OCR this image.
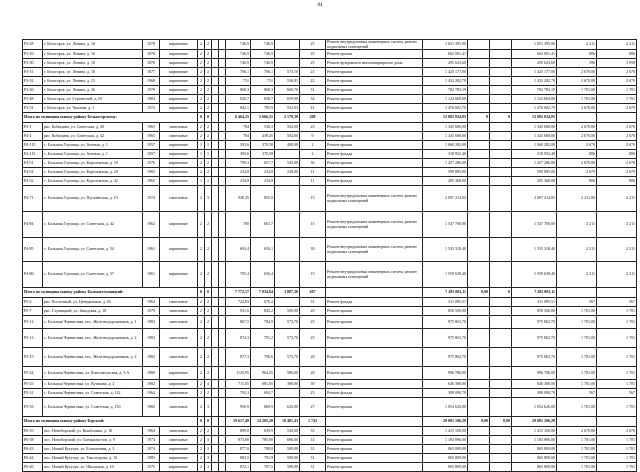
84
Р3-28	г. Белогорск, ул. Ленина, д. 16	1878	кирпичные	2	2			746,9	746,9		25	Ремонт внутридомовых инженерных систем, ремонт подвальных помещений	1 651 395,90			1 651 395,90	2 211	2 211
Р3-29	г. Белогорск, ул. Ленина, д. 16	1878	кирпичные	2	2			746,9	746,9		25	Ремонт крыши	602 001,41			602 001,41	806	806
Р3-30	г. Белогорск, ул. Ленина, д. 16	1878	кирпичные	2	2			746,9	746,9		25	Ремонт фундамента многоквартирного дома	295 623,60			295 623,60	396	3 958
Р3-31	г. Белогорск, ул. Ленина, д. 18	1877	кирпичные	2	2			706,1	706,1	573,10	21	Ремонт крыши	1 425 177,00			1 425 177,00	2 670,00	2 670
Р3-32	г. Белогорск, ул. Ленина, д. 21	1968	кирпичные	2	2			731	731	536,81	22	Ремонт крыши	1 432 282,70			1 432 282,70	2 670,00	2 670
Р3-36	г. Белогорск, ул. Ленина, д. 26	1979	кирпичные	2	2			868,3	868,3	660,70	31	Ремонт крыши	782 783,19			782 783,19	1 701,00	1 701
Р3-48	г. Белогорск, ул. Строителей, д. 65	1984	кирпичные	2	2			820,7	838,7	659,00	34	Ремонт крыши	1 122 669,00			1 122 669,00	1 701,00	1 701
Р3-51	г. Белогорск, ул. Чкалова, д. 1	1972	кирпичные	2	2			842,1	785,9	552,03	41	Ремонт крыши	1 476 002,70			1 476 002,70	2 670,00	2 670
Итого по муниципальному району Белыогорскому:				0	0			6 464,25	5 666,31	2 179,30	208		13 082 034,05	0	0	13 082 034,05		
Р4-1	рис. Кобицина, ул. Советская, д. 40	1965	панельные	2	2			784	538,3	504,00	23	Ремонт крыши	1 345 680,00			1 345 680,00	2 670,00	2 670
Р4-2	рис. Кобицина, ул. Советская, д. 42	1965	панельные	2	2			784	439,45	504,00	9	Ремонт крыши	1 345 680,00			1 345 680,00	2 670,00	2 670
Р4-115	с. Большая Глушица, ул. Зеленая, д. 1	1957	кирпичные	1	1			393,6	370,58	400,00	2	Ремонт крыши	1 060 282,00			1 060 282,00	2 670	2 670
Р4-115	с. Большая Глушица, ул. Зеленая, д. 1	1957	кирпичные	1	1			393,6	370,58		2	Ремонт фасада	318 952,40			318 952,40	806	806
Р4-51	с. Большая Глушица, ул. Королевская, д. 18	1970	кирпичные	2	2			799,3	657,7	545,00	36	Ремонт крыши	1 457 286,00			1 457 286,00	2 670,00	2 670
Р4-54	с. Большая Глушица, ул. Королевская, д. 20	1965	кирпичные	2	2			234,8	234,8	230,00	11	Ремонт крыши	599 805,00			599 805,00	2 670	2 670
Р4-32	с. Большая Глушица, ул. Королевская, д. 42	1965	кирпичные	1	1			234,8	234,8		11	Ремонт фасада	205 368,00			205 368,00	806	806
Р4-71	с. Большая Глушица, ул. Пугачевская, д. 10	1974	панельные	2	3			948,35	855,9		15	Ремонт внутридомовых инженерных систем, ремонт подвальных помещений	2 097 214,05			2 097 214,05	2 211,00	2 211
Р4-84	с. Большая Глушица, ул. Советская, д. 42	1962	кирпичные	2	2			700	661,7		15	Ремонт внутридомовых инженерных систем, ремонт подвальных помещений	1 547 700,00			1 547 700,00	2 211	2 211
Р4-85	с. Большая Глушица, ул. Советская, д. 54	1961	кирпичные	2	2			694,4	656,1		30	Ремонт внутридомовых инженерных систем, ремонт подвальных помещений	1 535 318,40			1 535 318,40	2 211	2 211
Р4-86	с. Большая Глушица, ул. Советская, д. 57	1961	кирпичные	2	2			705,4	656,4		15	Ремонт внутридомовых инженерных систем, ремонт подвальных помещений	1 559 639,40			1 559 639,40	2 211	2 211
Итого по муниципальному району Большеглушицкий:				0	0			7 772,17	7 034,64	3 887,30	207		7 285 003,11	0,00	0	7 285 003,11		
Р5-2	рис. Восточный, ул. Центральная, д. 65	1964	панельные	2	2			724,83	670,2		31	Ремонт фасада	411 085,51			411 085,51	567	567
Р5-7	рис. Глушицкий, ул. Заводская, д. 18	1979	панельные	2	2			931,6	845,2	500,00	20	Ремонт крыши	850 500,00			850 500,00	1 701,00	1 701
Р5-12	с. Большая Черниговка, пос. Железнодорожников, д. 1	1982	панельные	2	2			867,5	784,9	573,70	25	Ремонт крыши	975 863,70			975 863,70	1 701,00	1 701
Р5-13	с. Большая Черниговка, пос. Железнодорожников, д. 2	1982	панельные	2	2			874,3	791,2	573,70	25	Ремонт крыши	975 863,70			975 863,70	1 701,00	1 701
Р5-15	с. Большая Черниговка, пос. Железнодорожников, д. 4	1982	панельные	2	2			877,3	796,6	573,70	26	Ремонт крыши	975 863,70			975 863,70	1 701,00	1 701
Р5-24	с. Большая Черниговка, ул. Комсомольская, д. 3 А	1980	кирпичные	2	2			1125,95	964,25	586,00	26	Ремонт крыши	996 786,00			996 786,00	1 701,00	1 701
Р5-25	с. Большая Черниговка, ул. Кутякова, д. 2	1982	кирпичные	2	4			711,05	681,05	380,00	39	Ремонт крыши	646 380,00			646 380,00	1 701,00	1 701
Р5-31	с. Большая Черниговка, ул. Советская, д. 142	1964	панельные	2	2			792,3	692,7		23	Ремонт фасада	398 090,70			398 090,70	567	567
Р5-33	с. Большая Черниговка, ул. Советская, д. 150	1982	панельные	2	3			956,9	869,9	620,00	27	Ремонт крыши	1 054 620,00			1 054 620,00	1 701,00	1 701
Итого по муниципальному району Борский:				0	0			19 617,48	14 205,28	10 481,43	1 743		29 081 106,28	0,00	0,00	29 081 106,28		
Р6-35	пос. Новоборский, ул. Кошбалина, д. 10	1964	панельные	2	2			899,8	639,9	530,00	33	Ремонт крыши	1 415 100,00			1 415 100,00	2 670,00	2 670
Р6-38	пос. Новоборский, ул. Специалистов, д. 9	1974	панельные	2	3			873,00	785,00	696,00	14	Ремонт крыши	1 183 896,00			1 183 896,00	1 701,00	1 701
Р6-43	пос. Новый Кутулук, ул. Больничная, д. 3	1974	кирпичные	2	3			877,6	788,8	509,00	31	Ремонт крыши	865 809,00			865 809,00	1 701,00	1 701
Р6-44	пос. Новый Кутулук, ул. Таксогорова, д. 10	1985	кирпичные	2	3			883,5	791,9	509,00	31	Ремонт крыши	865 809,00			865 809,00	1 701,00	1 701
Р6-46	пос. Новый Кутулук, ул. Школьная, д. 10	1975	кирпичные	2	3			872,1	787,5	509,00	31	Ремонт крыши	865 809,00			865 809,00	1 701,00	1 701
